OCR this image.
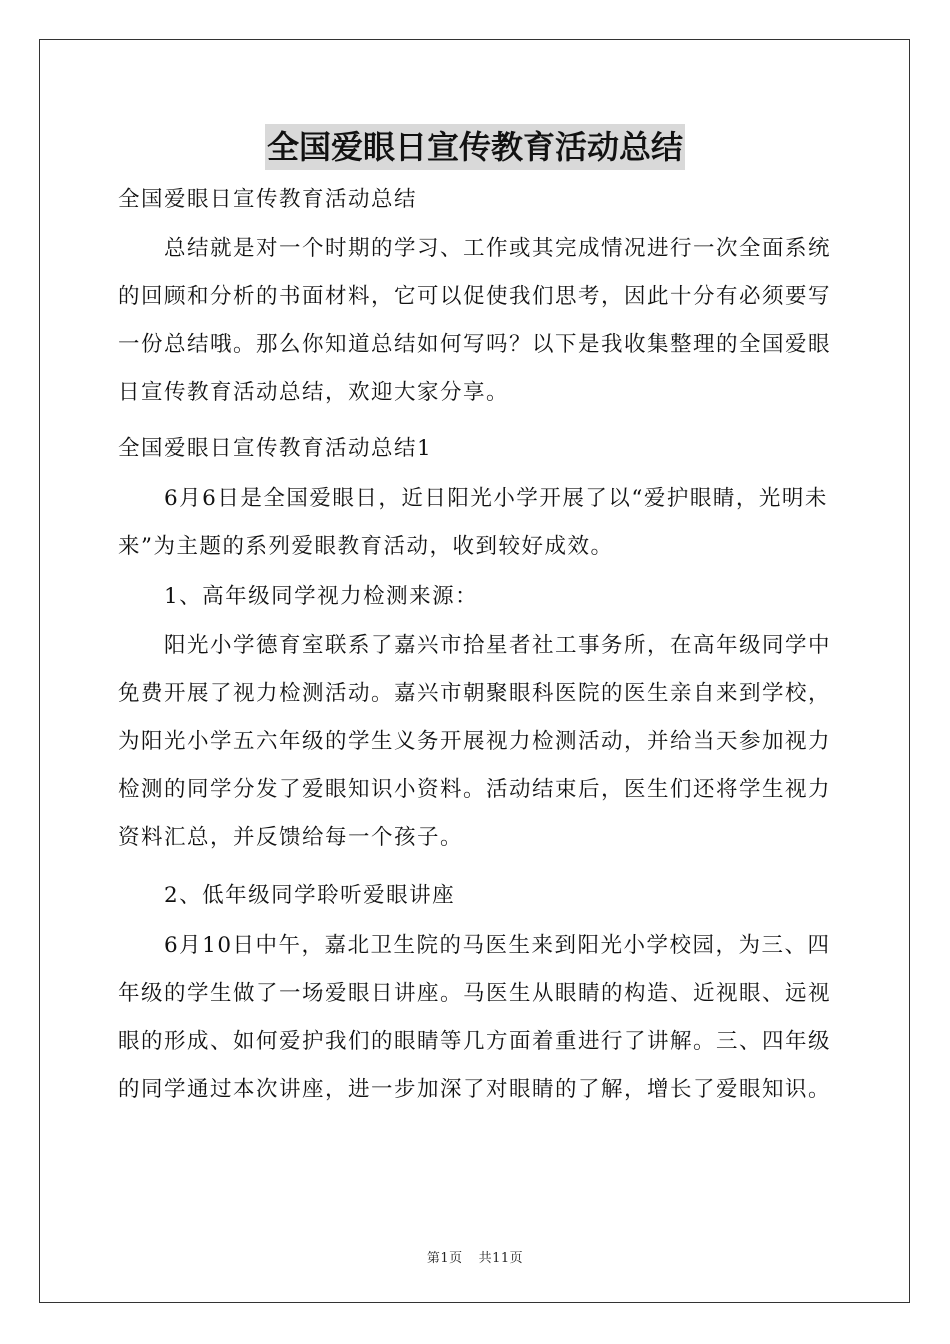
全国爱眼日宣传教育活动总结
全国爱眼日宣传教育活动总结
总结就是对一个时期的学习、工作或其完成情况进行一次全面系统的回顾和分析的书面材料，它可以促使我们思考，因此十分有必须要写一份总结哦。那么你知道总结如何写吗？以下是我收集整理的全国爱眼日宣传教育活动总结，欢迎大家分享。
全国爱眼日宣传教育活动总结1
6月6日是全国爱眼日，近日阳光小学开展了以“爱护眼睛，光明未来”为主题的系列爱眼教育活动，收到较好成效。
1、高年级同学视力检测来源：
阳光小学德育室联系了嘉兴市拾星者社工事务所，在高年级同学中免费开展了视力检测活动。嘉兴市朝聚眼科医院的医生亲自来到学校，为阳光小学五六年级的学生义务开展视力检测活动，并给当天参加视力检测的同学分发了爱眼知识小资料。活动结束后，医生们还将学生视力资料汇总，并反馈给每一个孩子。
2、低年级同学聆听爱眼讲座
6月10日中午，嘉北卫生院的马医生来到阳光小学校园，为三、四年级的学生做了一场爱眼日讲座。马医生从眼睛的构造、近视眼、远视眼的形成、如何爱护我们的眼睛等几方面着重进行了讲解。三、四年级的同学通过本次讲座，进一步加深了对眼睛的了解，增长了爱眼知识。
第1页 共11页
